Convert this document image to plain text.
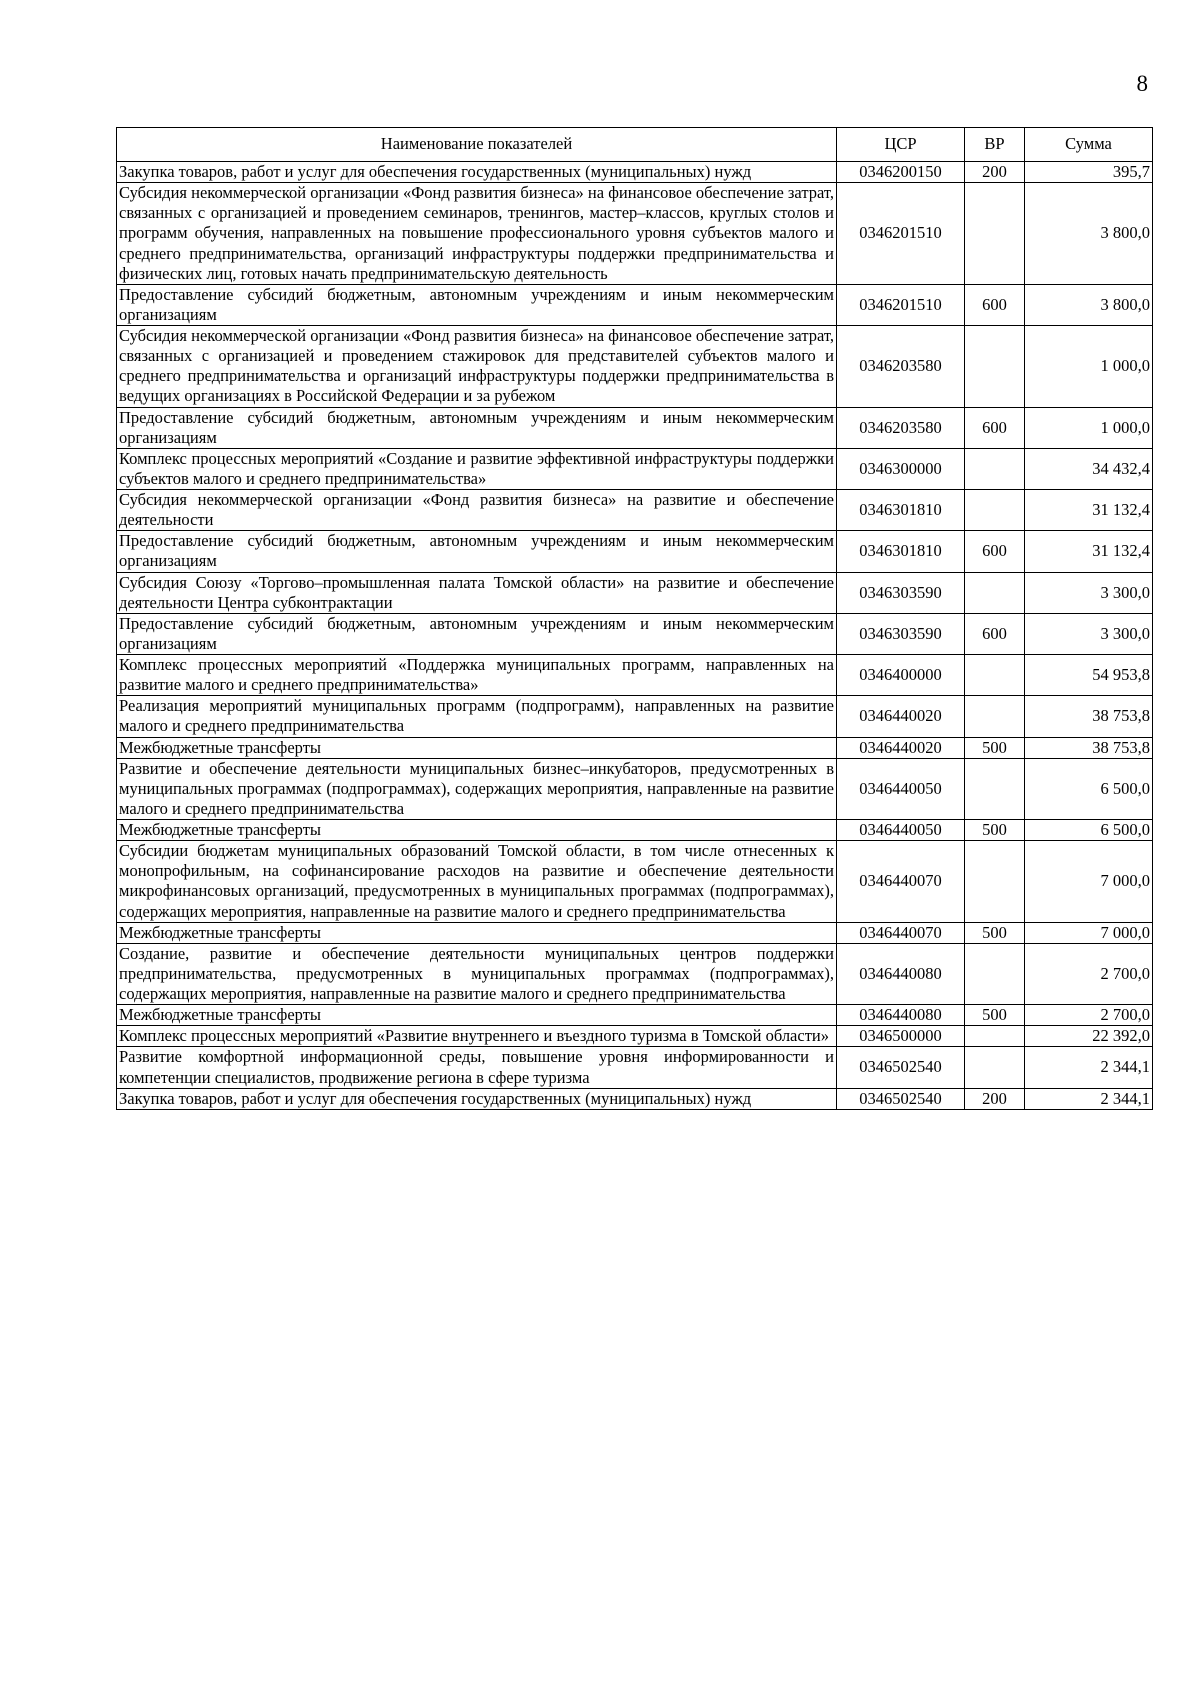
8
Наименование показателей	ЦСР	ВР	Сумма
Закупка товаров, работ и услуг для обеспечения государственных (муниципальных) нужд	0346200150	200	395,7
Субсидия некоммерческой организации «Фонд развития бизнеса» на финансовое обеспечение затрат, связанных с организацией и проведением семинаров, тренингов, мастер–классов, круглых столов и программ обучения, направленных на повышение профессионального уровня субъектов малого и среднего предпринимательства, организаций инфраструктуры поддержки предпринимательства и физических лиц, готовых начать предпринимательскую деятельность	0346201510		3 800,0
Предоставление субсидий бюджетным, автономным учреждениям и иным некоммерческим организациям	0346201510	600	3 800,0
Субсидия некоммерческой организации «Фонд развития бизнеса» на финансовое обеспечение затрат, связанных с организацией и проведением стажировок для представителей субъектов малого и среднего предпринимательства и организаций инфраструктуры поддержки предпринимательства в ведущих организациях в Российской Федерации и за рубежом	0346203580		1 000,0
Предоставление субсидий бюджетным, автономным учреждениям и иным некоммерческим организациям	0346203580	600	1 000,0
Комплекс процессных мероприятий «Создание и развитие эффективной инфраструктуры поддержки субъектов малого и среднего предпринимательства»	0346300000		34 432,4
Субсидия некоммерческой организации «Фонд развития бизнеса» на развитие и обеспечение деятельности	0346301810		31 132,4
Предоставление субсидий бюджетным, автономным учреждениям и иным некоммерческим организациям	0346301810	600	31 132,4
Субсидия Союзу «Торгово–промышленная палата Томской области» на развитие и обеспечение деятельности Центра субконтрактации	0346303590		3 300,0
Предоставление субсидий бюджетным, автономным учреждениям и иным некоммерческим организациям	0346303590	600	3 300,0
Комплекс процессных мероприятий «Поддержка муниципальных программ, направленных на развитие малого и среднего предпринимательства»	0346400000		54 953,8
Реализация мероприятий муниципальных программ (подпрограмм), направленных на развитие малого и среднего предпринимательства	0346440020		38 753,8
Межбюджетные трансферты	0346440020	500	38 753,8
Развитие и обеспечение деятельности муниципальных бизнес–инкубаторов, предусмотренных в муниципальных программах (подпрограммах), содержащих мероприятия, направленные на развитие малого и среднего предпринимательства	0346440050		6 500,0
Межбюджетные трансферты	0346440050	500	6 500,0
Субсидии бюджетам муниципальных образований Томской области, в том числе отнесенных к монопрофильным, на софинансирование расходов на развитие и обеспечение деятельности микрофинансовых организаций, предусмотренных в муниципальных программах (подпрограммах), содержащих мероприятия, направленные на развитие малого и среднего предпринимательства	0346440070		7 000,0
Межбюджетные трансферты	0346440070	500	7 000,0
Создание, развитие и обеспечение деятельности муниципальных центров поддержки предпринимательства, предусмотренных в муниципальных программах (подпрограммах), содержащих мероприятия, направленные на развитие малого и среднего предпринимательства	0346440080		2 700,0
Межбюджетные трансферты	0346440080	500	2 700,0
Комплекс процессных мероприятий «Развитие внутреннего и въездного туризма в Томской области»	0346500000		22 392,0
Развитие комфортной информационной среды, повышение уровня информированности и компетенции специалистов, продвижение региона в сфере туризма	0346502540		2 344,1
Закупка товаров, работ и услуг для обеспечения государственных (муниципальных) нужд	0346502540	200	2 344,1
